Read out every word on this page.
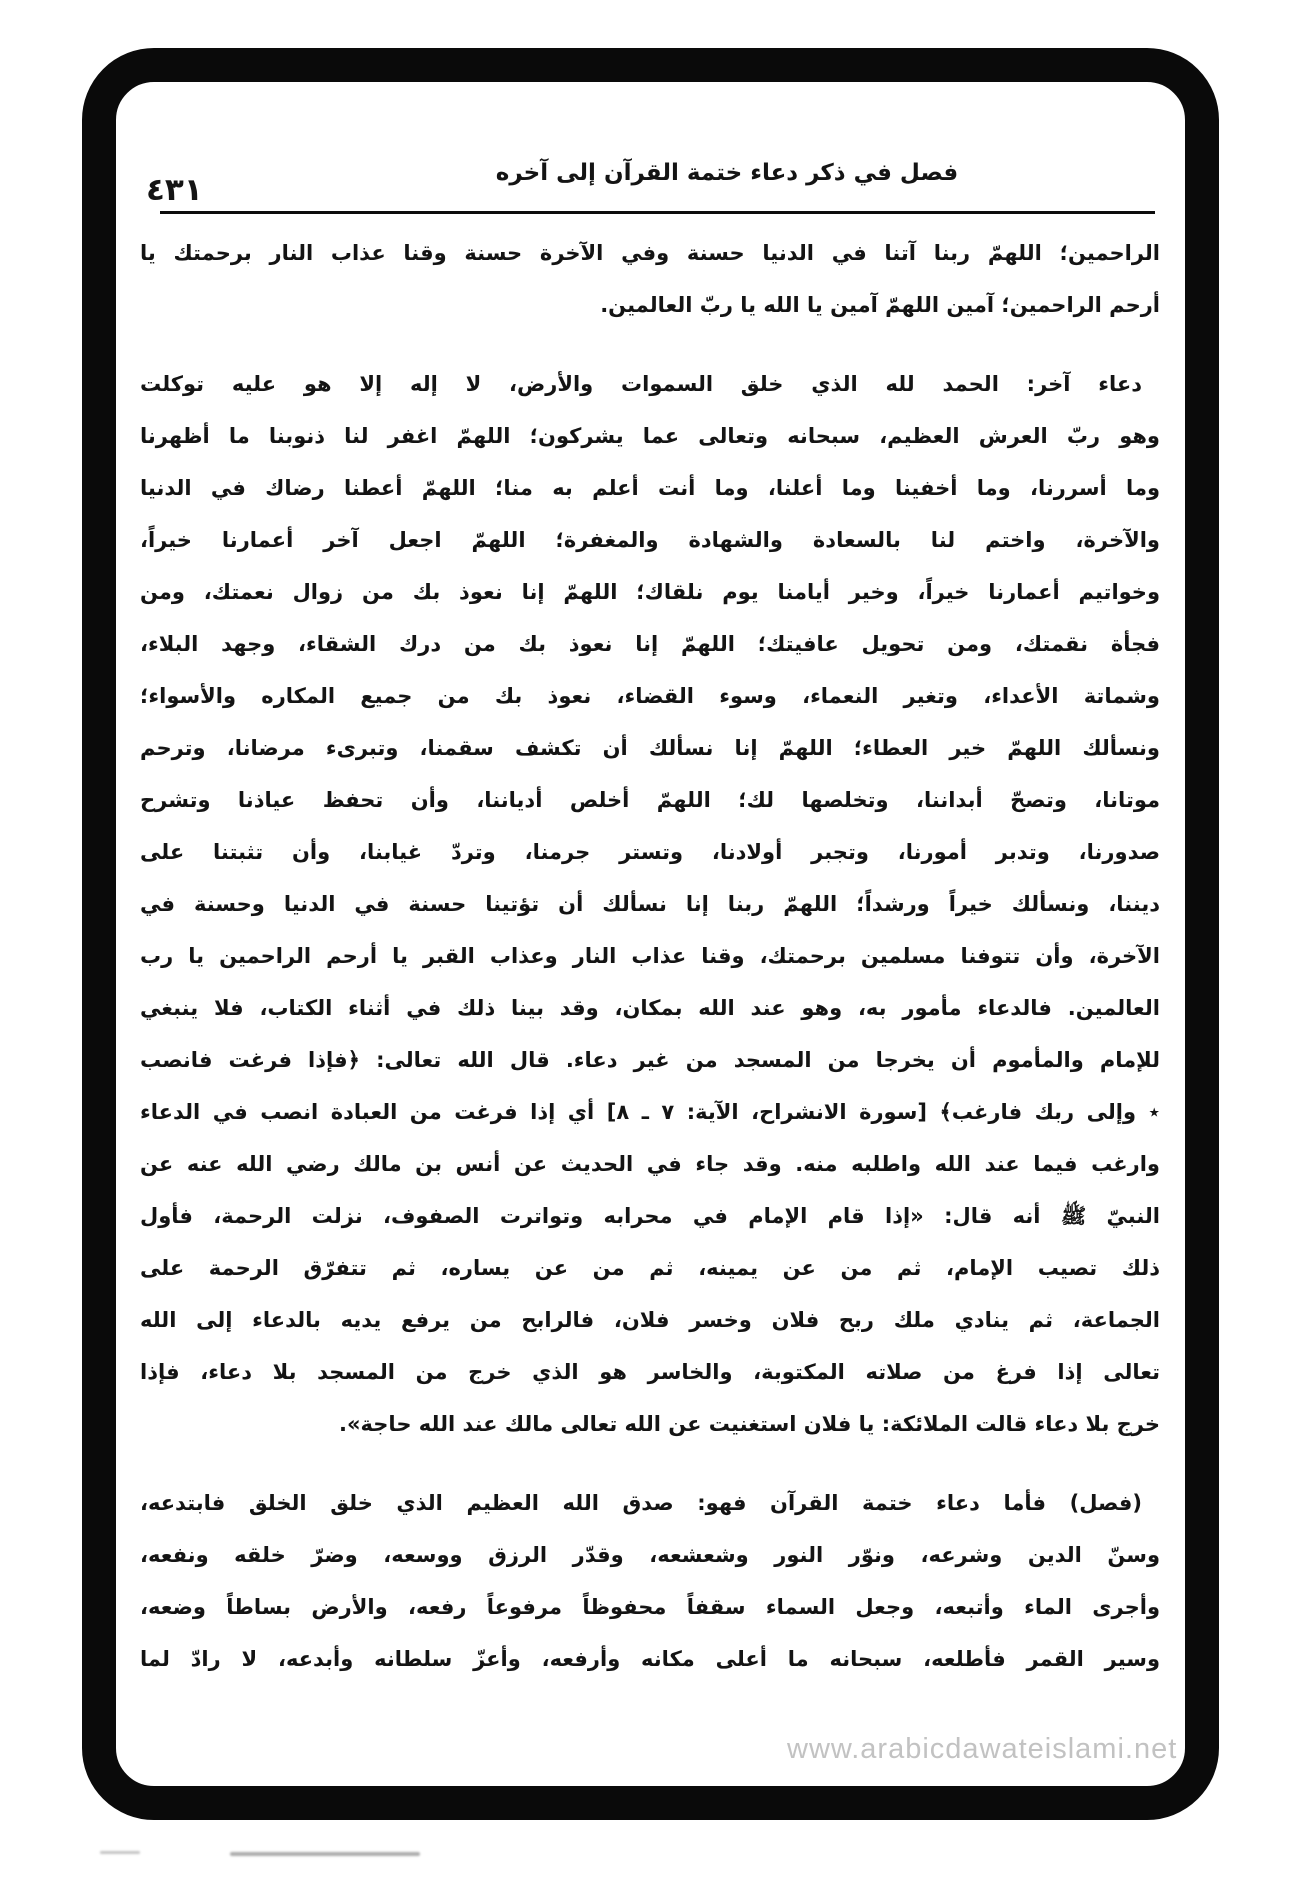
٤٣١	فصل في ذكر دعاء ختمة القرآن إلى آخره
الراحمين؛ اللهمّ ربنا آتنا في الدنيا حسنة وفي الآخرة حسنة وقنا عذاب النار برحمتك يا
أرحم الراحمين؛ آمين اللهمّ آمين يا الله يا ربّ العالمين.
دعاء آخر: الحمد لله الذي خلق السموات والأرض، لا إله إلا هو عليه توكلت
وهو ربّ العرش العظيم، سبحانه وتعالى عما يشركون؛ اللهمّ اغفر لنا ذنوبنا ما أظهرنا
وما أسررنا، وما أخفينا وما أعلنا، وما أنت أعلم به منا؛ اللهمّ أعطنا رضاك في الدنيا
والآخرة، واختم لنا بالسعادة والشهادة والمغفرة؛ اللهمّ اجعل آخر أعمارنا خيراً،
وخواتيم أعمارنا خيراً، وخير أيامنا يوم نلقاك؛ اللهمّ إنا نعوذ بك من زوال نعمتك، ومن
فجأة نقمتك، ومن تحويل عافيتك؛ اللهمّ إنا نعوذ بك من درك الشقاء، وجهد البلاء،
وشماتة الأعداء، وتغير النعماء، وسوء القضاء، نعوذ بك من جميع المكاره والأسواء؛
ونسألك اللهمّ خير العطاء؛ اللهمّ إنا نسألك أن تكشف سقمنا، وتبرىء مرضانا، وترحم
موتانا، وتصحّ أبداننا، وتخلصها لك؛ اللهمّ أخلص أدياننا، وأن تحفظ عياذنا وتشرح
صدورنا، وتدبر أمورنا، وتجبر أولادنا، وتستر جرمنا، وتردّ غيابنا، وأن تثبتنا على
ديننا، ونسألك خيراً ورشداً؛ اللهمّ ربنا إنا نسألك أن تؤتينا حسنة في الدنيا وحسنة في
الآخرة، وأن تتوفنا مسلمين برحمتك، وقنا عذاب النار وعذاب القبر يا أرحم الراحمين يا رب
العالمين. فالدعاء مأمور به، وهو عند الله بمكان، وقد بينا ذلك في أثناء الكتاب، فلا ينبغي
للإمام والمأموم أن يخرجا من المسجد من غير دعاء. قال الله تعالى: ﴿فإذا فرغت فانصب
٭ وإلى ربك فارغب﴾ [سورة الانشراح، الآية: ٧ ـ ٨] أي إذا فرغت من العبادة انصب في الدعاء
وارغب فيما عند الله واطلبه منه. وقد جاء في الحديث عن أنس بن مالك رضي الله عنه عن
النبيّ ﷺ أنه قال: «إذا قام الإمام في محرابه وتواترت الصفوف، نزلت الرحمة، فأول
ذلك تصيب الإمام، ثم من عن يمينه، ثم من عن يساره، ثم تتفرّق الرحمة على
الجماعة، ثم ينادي ملك ربح فلان وخسر فلان، فالرابح من يرفع يديه بالدعاء إلى الله
تعالى إذا فرغ من صلاته المكتوبة، والخاسر هو الذي خرج من المسجد بلا دعاء، فإذا
خرج بلا دعاء قالت الملائكة: يا فلان استغنيت عن الله تعالى مالك عند الله حاجة».
(فصل) فأما دعاء ختمة القرآن فهو: صدق الله العظيم الذي خلق الخلق فابتدعه،
وسنّ الدين وشرعه، ونوّر النور وشعشعه، وقدّر الرزق ووسعه، وضرّ خلقه ونفعه،
وأجرى الماء وأتبعه، وجعل السماء سقفاً محفوظاً مرفوعاً رفعه، والأرض بساطاً وضعه،
وسير القمر فأطلعه، سبحانه ما أعلى مكانه وأرفعه، وأعزّ سلطانه وأبدعه، لا رادّ لما
www.arabicdawateislami.net
